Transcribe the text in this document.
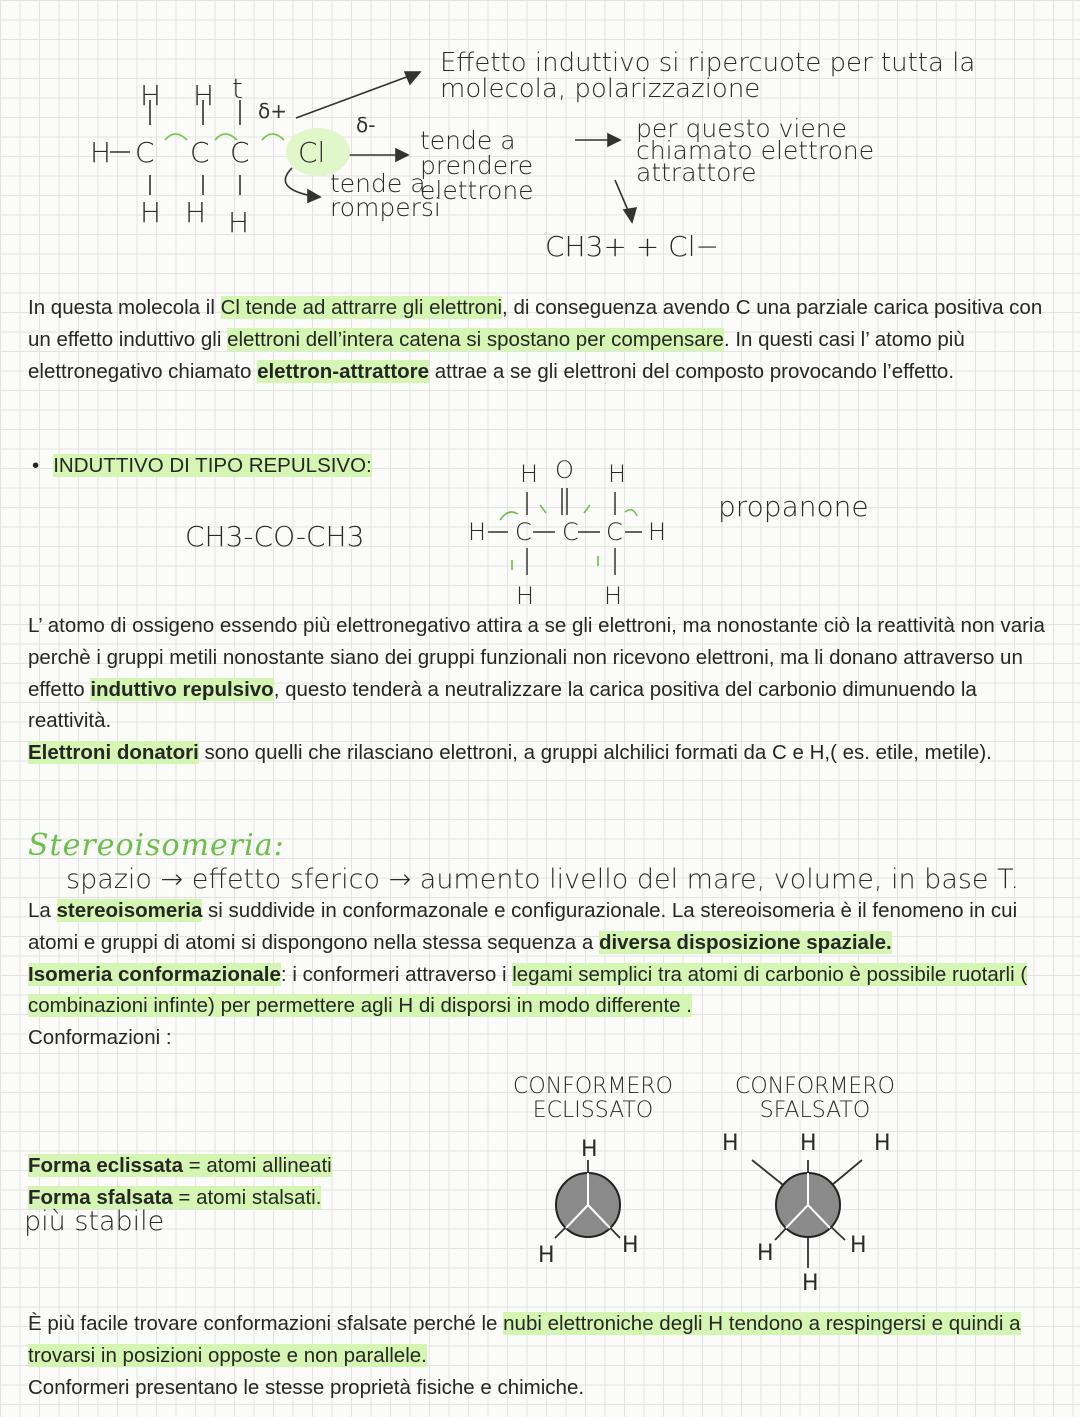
H H t
H C C C
H H H
Cl
δ+
δ-
Effetto induttivo si ripercuote per tutta la molecola, polarizzazione
tende a prendere elettrone
tende a rompersi
per questo viene chiamato elettrone attrattore
CH3+ + Cl−
In questa molecola il Cl tende ad attrarre gli elettroni, di conseguenza avendo C una parziale carica positiva con un effetto induttivo gli elettroni dell’intera catena si spostano per compensare. In questi casi l’ atomo più elettronegativo chiamato elettron-attrattore attrae a se gli elettroni del composto provocando l’effetto.
• INDUTTIVO DI TIPO REPULSIVO:
CH3-CO-CH3
propanone
H O H
H C C C H
H	H
L’ atomo di ossigeno essendo più elettronegativo attira a se gli elettroni, ma nonostante ciò la reattività non varia perchè i gruppi metili nonostante siano dei gruppi funzionali non ricevono elettroni, ma li donano attraverso un effetto induttivo repulsivo, questo tenderà a neutralizzare la carica positiva del carbonio dimunuendo la reattività.
Elettroni donatori sono quelli che rilasciano elettroni, a gruppi alchilici formati da C e H,( es. etile, metile).
Stereoisomeria:
spazio → effetto sferico → aumento livello del mare, volume, in base T.
La stereoisomeria si suddivide in conformazonale e configurazionale. La stereoisomeria è il fenomeno in cui atomi e gruppi di atomi si dispongono nella stessa sequenza a diversa disposizione spaziale.
Isomeria conformazionale: i conformeri attraverso i legami semplici tra atomi di carbonio è possibile ruotarli ( combinazioni infinte) per permettere agli H di disporsi in modo differente .
Conformazioni :
Forma eclissata = atomi allineati
Forma sfalsata = atomi stalsati.
più stabile
CONFORMERO ECLISSATO
CONFORMERO SFALSATO
H
H	H
H	H	H
H	H
H
È più facile trovare conformazioni sfalsate perché le nubi elettroniche degli H tendono a respingersi e quindi a trovarsi in posizioni opposte e non parallele.
Conformeri presentano le stesse proprietà fisiche e chimiche.
